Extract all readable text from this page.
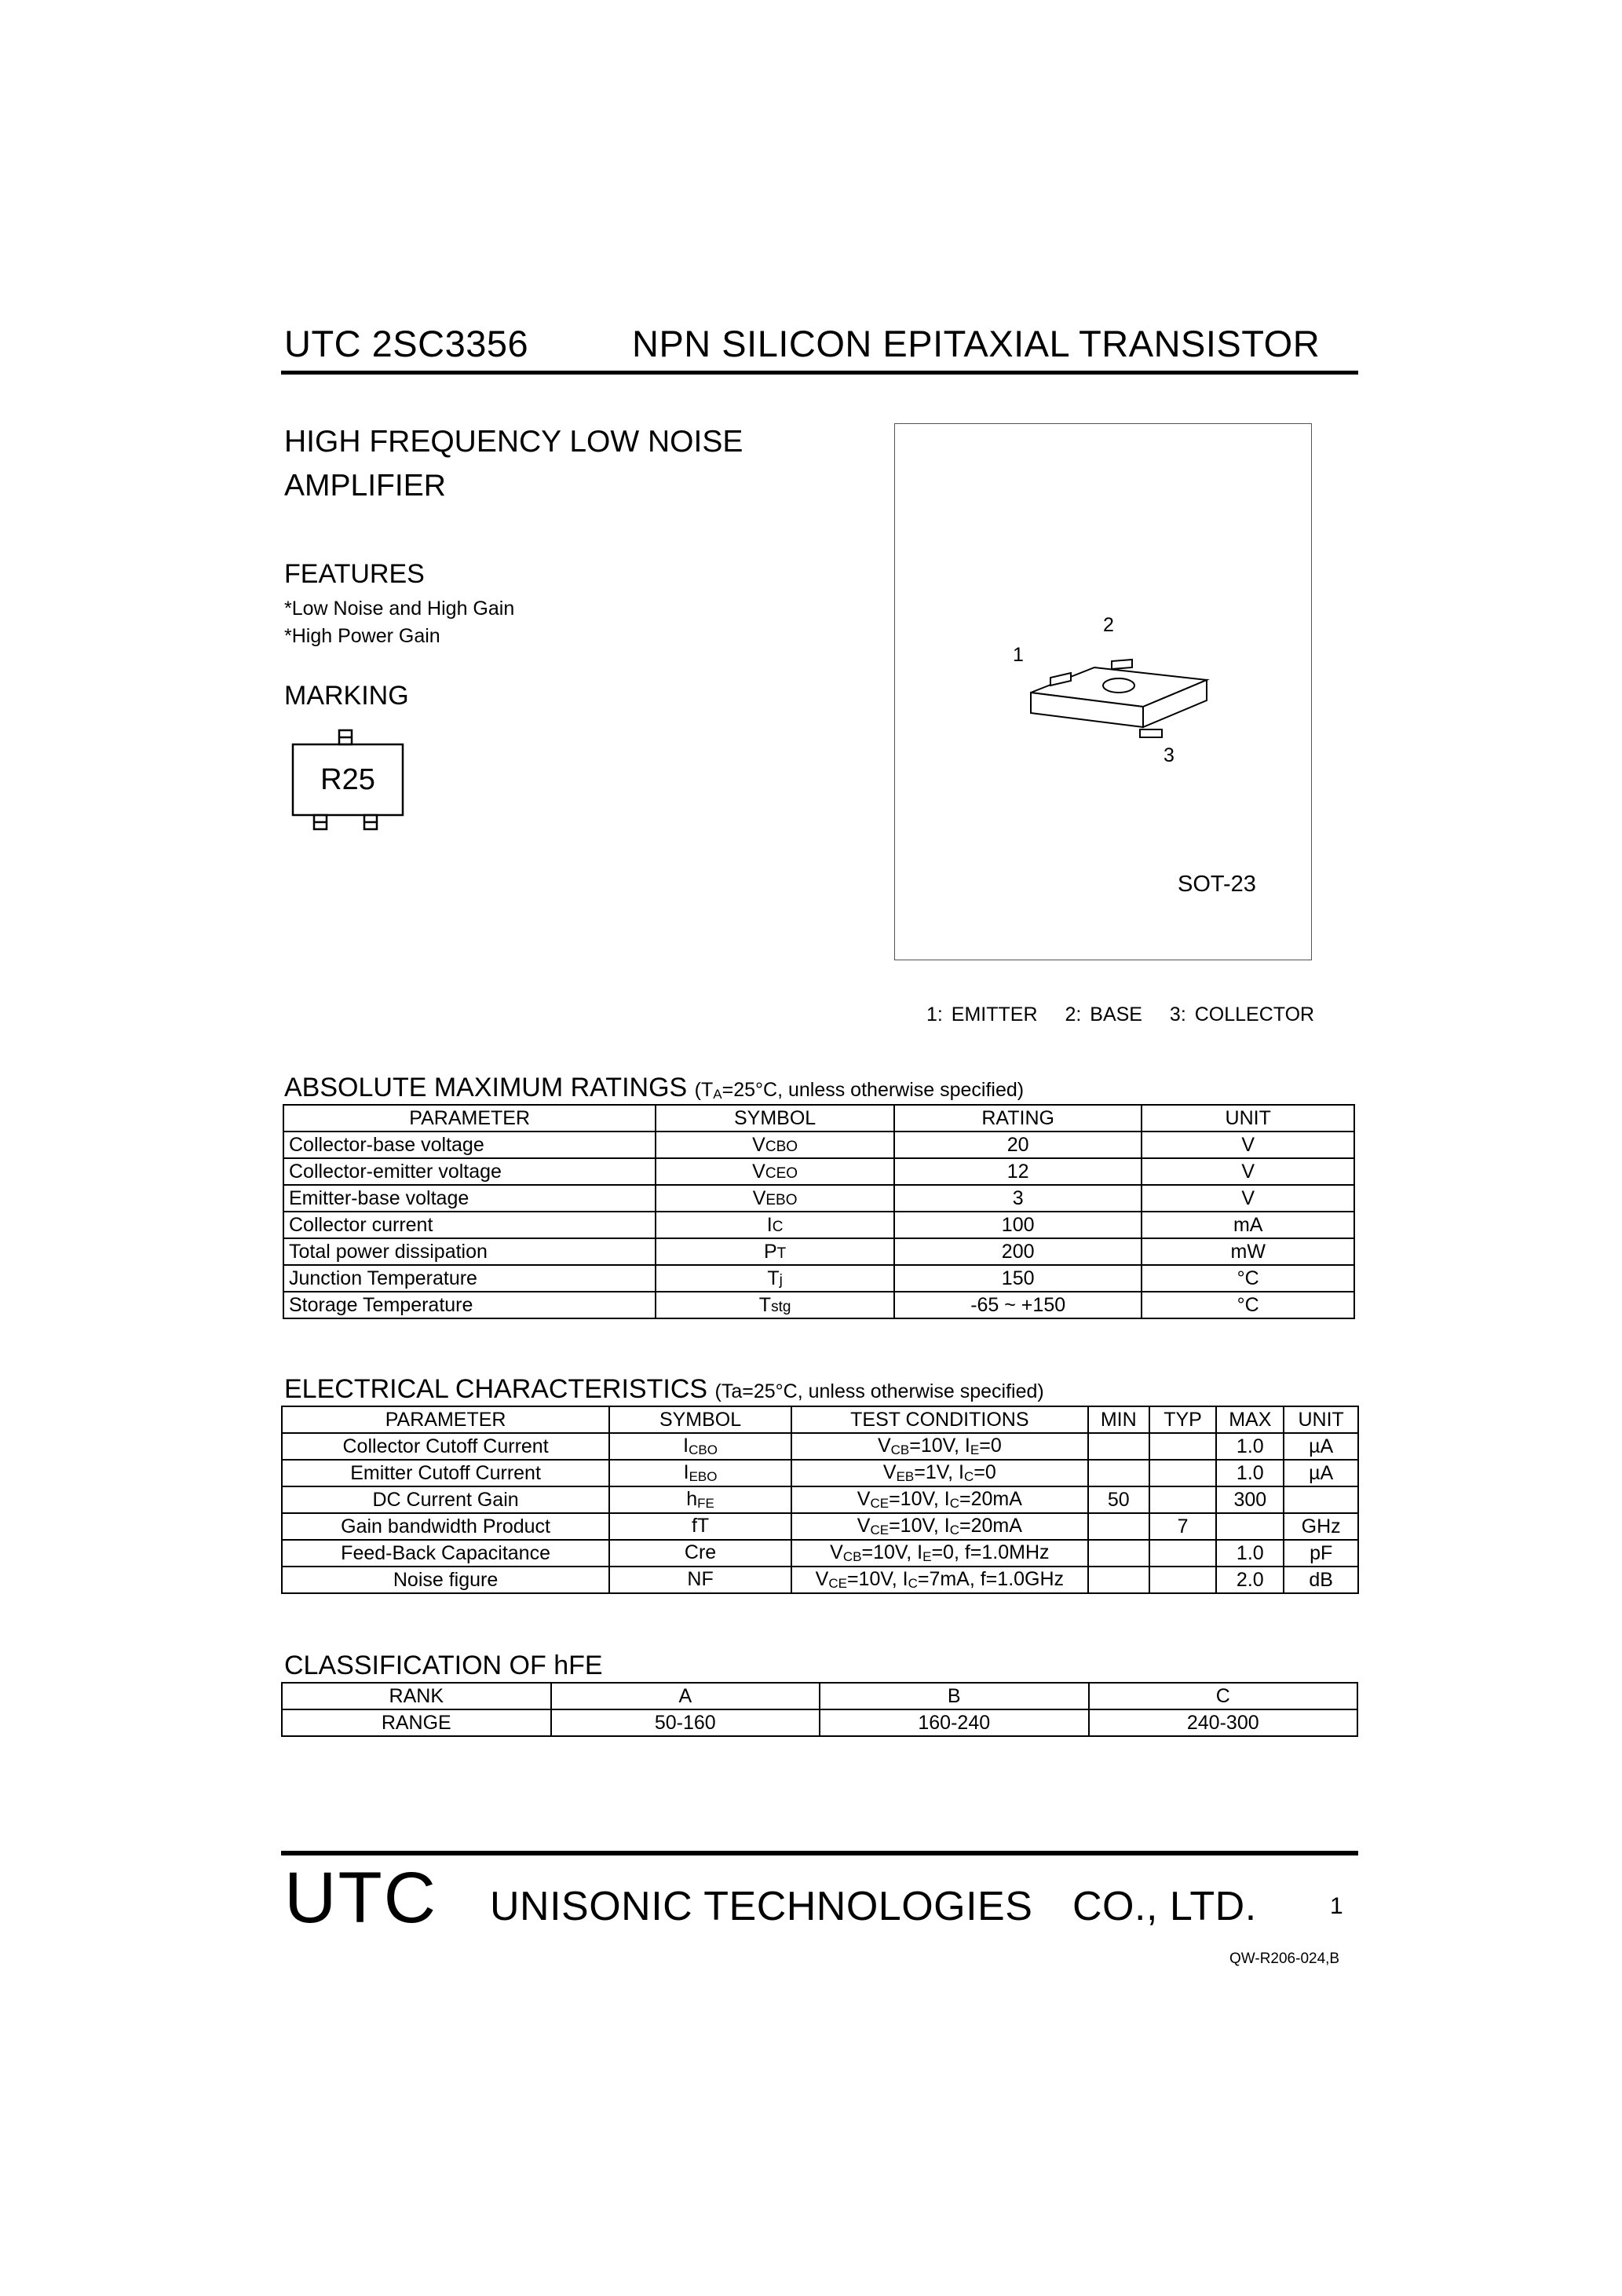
UTC 2SC3356	NPN SILICON EPITAXIAL TRANSISTOR
HIGH FREQUENCY LOW NOISE
AMPLIFIER
FEATURES
*Low Noise and High Gain
*High Power Gain
MARKING
R25
1
2
3
SOT-23
1: EMITTER 2: BASE 3: COLLECTOR
ABSOLUTE MAXIMUM RATINGS ($T_A=25^\circ C$, unless otherwise specified)
PARAMETER	SYMBOL	RATING	UNIT
Collector-base voltage	VCBO	20	V
Collector-emitter voltage	VCEO	12	V
Emitter-base voltage	VEBO	3	V
Collector current	IC	100	mA
Total power dissipation	PT	200	mW
Junction Temperature	Tj	150	°C
Storage Temperature	Tstg	-65 ~ +150	°C
ELECTRICAL CHARACTERISTICS (Ta=25°C, unless otherwise specified)
PARAMETER	SYMBOL	TEST CONDITIONS	MIN	TYP	MAX	UNIT
Collector Cutoff Current	$I_{CBO}$	$V_{CB}=10V$, $I_E=0$			1.0	µA
Emitter Cutoff Current	$I_{EBO}$	$V_{EB}=1V$, $I_C=0$			1.0	µA
DC Current Gain	$h_{FE}$	$V_{CE}=10V$, $I_C=20mA$	50		300	
Gain bandwidth Product	fT	$V_{CE}=10V$, $I_C=20mA$		7		GHz
Feed-Back Capacitance	Cre	$V_{CB}=10V$, $I_E=0$, f=1.0MHz			1.0	pF
Noise figure	NF	$V_{CE}=10V$, $I_C=7mA$, f=1.0GHz			2.0	dB
CLASSIFICATION OF hFE
RANK	A	B	C
RANGE	50-160	160-240	240-300
UTC UNISONIC TECHNOLOGIES CO., LTD.	1
QW-R206-024,B
